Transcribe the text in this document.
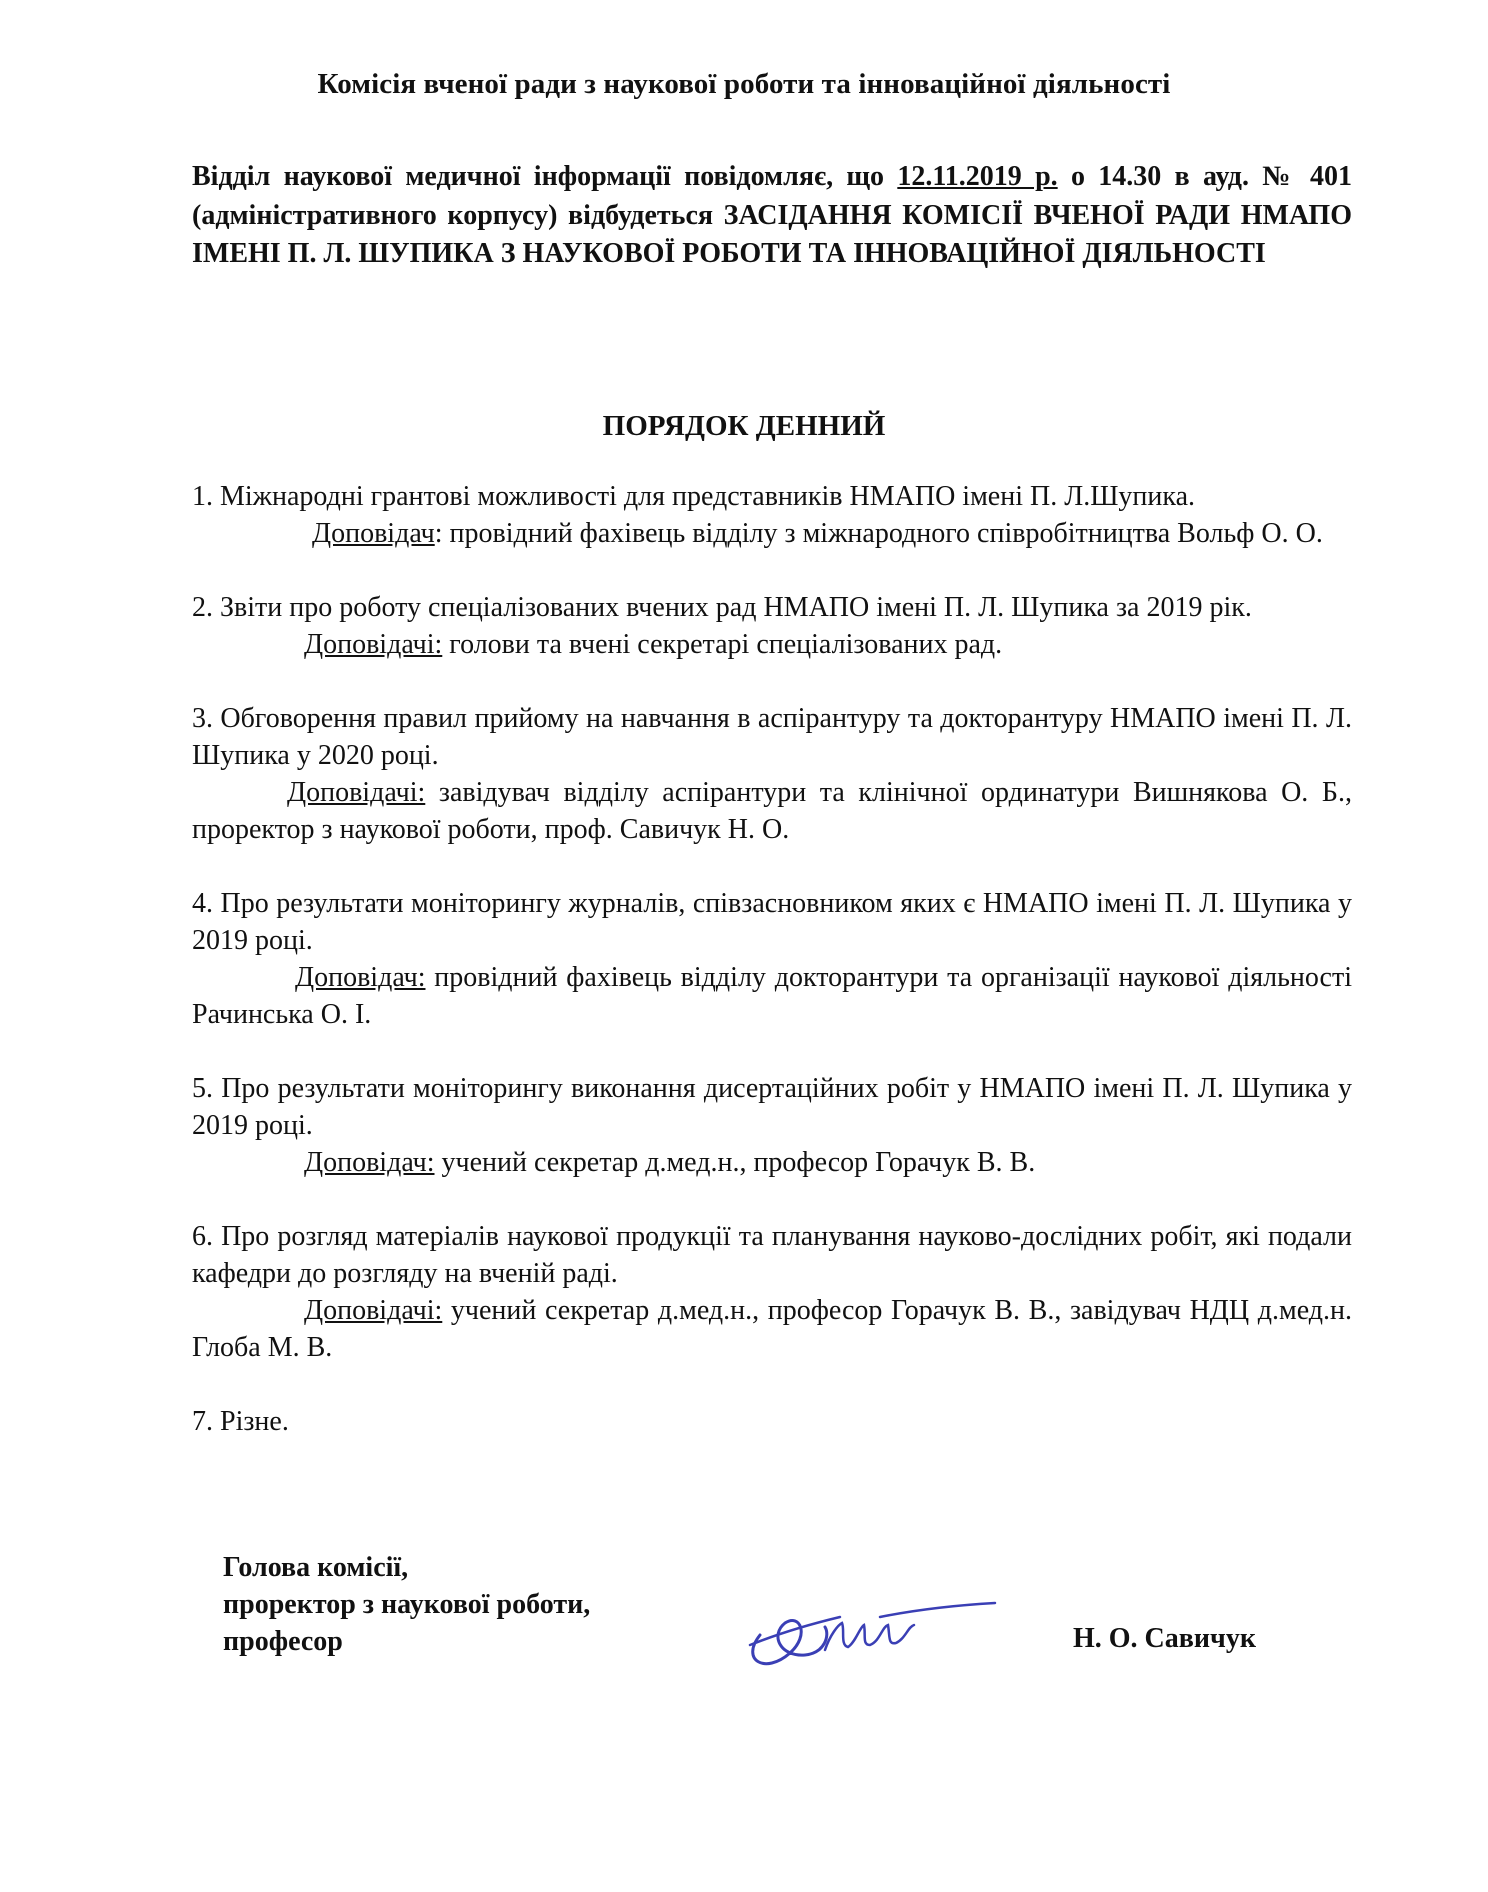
Комісія вченої ради з наукової роботи та інноваційної діяльності
Відділ наукової медичної інформації повідомляє, що 12.11.2019 р. о 14.30 в ауд. № 401 (адміністративного корпусу) відбудеться ЗАСІДАННЯ КОМІСІЇ ВЧЕНОЇ РАДИ НМАПО ІМЕНІ П. Л. ШУПИКА З НАУКОВОЇ РОБОТИ ТА ІННОВАЦІЙНОЇ ДІЯЛЬНОСТІ
ПОРЯДОК ДЕННИЙ

1. Міжнародні грантові можливості для представників НМАПО імені П. Л.Шупика.

Доповідач: провідний фахівець відділу з міжнародного співробітництва Вольф О. О.

2. Звіти про роботу спеціалізованих вчених рад НМАПО імені П. Л. Шупика за 2019 рік.

Доповідачі: голови та вчені секретарі спеціалізованих рад.

3. Обговорення правил прийому на навчання в аспірантуру та докторантуру НМАПО імені П. Л. Шупика у 2020 році.

Доповідачі: завідувач відділу аспірантури та клінічної ординатури Вишнякова О. Б., проректор з наукової роботи, проф. Савичук Н. О.

4. Про результати моніторингу журналів, співзасновником яких є НМАПО імені П. Л. Шупика у 2019 році.

Доповідач: провідний фахівець відділу докторантури та організації наукової діяльності Рачинська О. І.

5. Про результати моніторингу виконання дисертаційних робіт у НМАПО імені П. Л. Шупика у 2019 році.

Доповідач: учений секретар д.мед.н., професор Горачук В. В.

6. Про розгляд матеріалів наукової продукції та планування науково-дослідних робіт, які подали кафедри до розгляду на вченій раді.

Доповідачі: учений секретар д.мед.н., професор Горачук В. В., завідувач НДЦ д.мед.н. Глоба М. В.

7. Різне.

Голова комісії,
проректор з наукової роботи,
професор	Н. О. Савичук
